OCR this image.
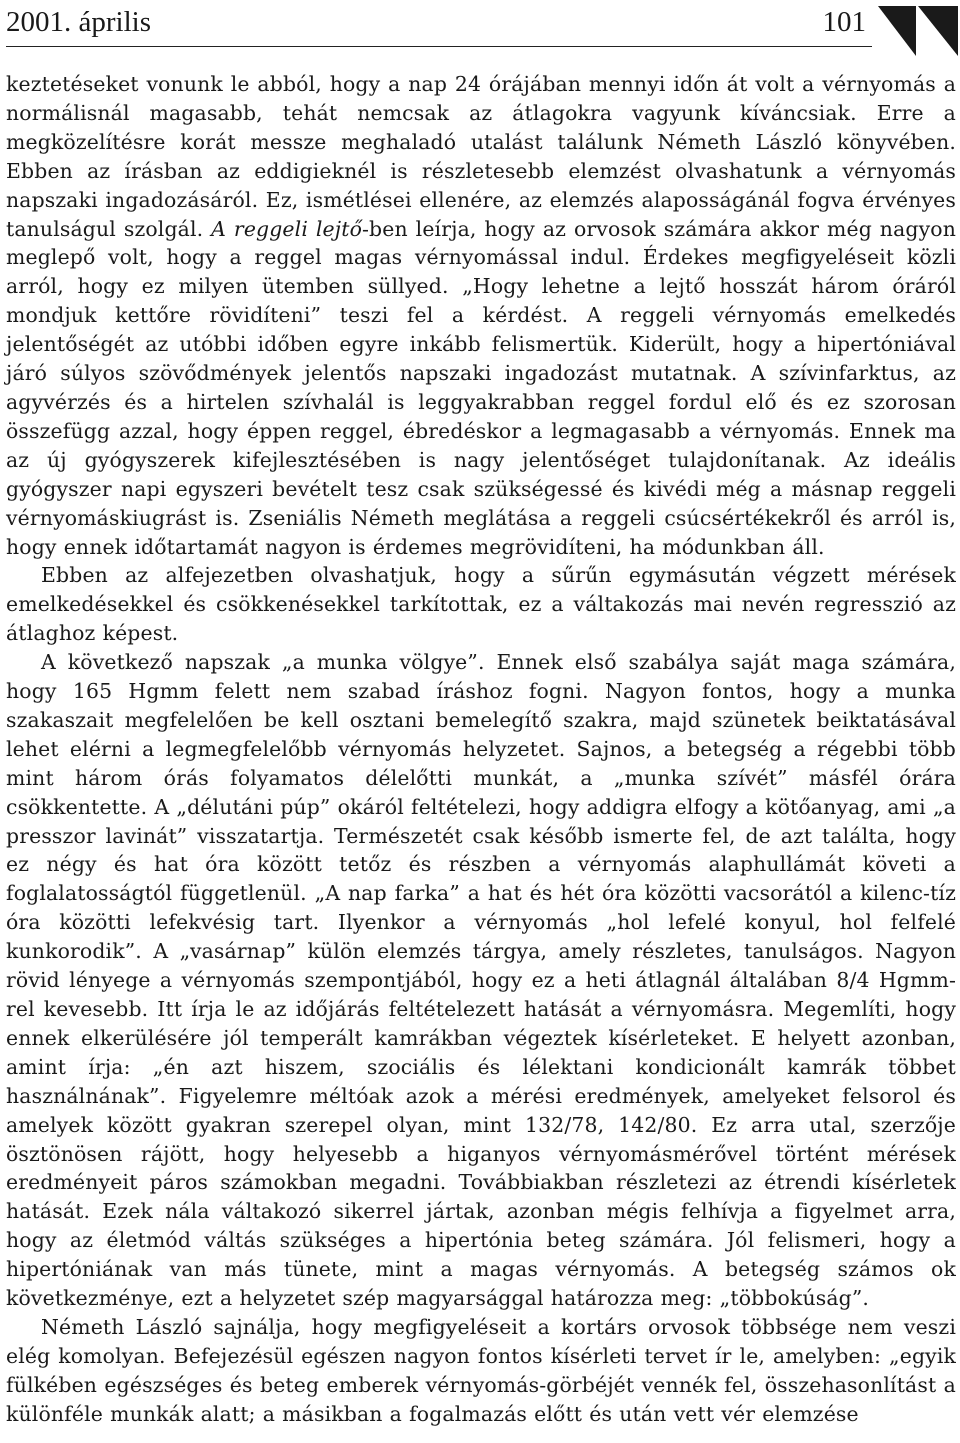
2001. április	101

keztetéseket vonunk le abból, hogy a nap 24 órájában mennyi időn át volt a vérnyomás a normálisnál magasabb, tehát nemcsak az átlagokra vagyunk kíváncsiak. Erre a megközelítésre korát messze meghaladó utalást találunk Németh László könyvében. Ebben az írásban az eddigieknél is részletesebb elemzést olvashatunk a vérnyomás napszaki ingadozásáról. Ez, ismétlései ellenére, az elemzés alaposságánál fogva érvényes tanulságul szolgál. A reggeli lejtő-ben leírja, hogy az orvosok számára akkor még nagyon meglepő volt, hogy a reggel magas vérnyomással indul. Érdekes megfigyeléseit közli arról, hogy ez milyen ütemben süllyed. „Hogy lehetne a lejtő hosszát három óráról mondjuk kettőre rövidíteni” teszi fel a kérdést. A reggeli vérnyomás emelkedés jelentőségét az utóbbi időben egyre inkább felismertük. Kiderült, hogy a hipertóniával járó súlyos szövődmények jelentős napszaki ingadozást mutatnak. A szívinfarktus, az agyvérzés és a hirtelen szívhalál is leggyakrabban reggel fordul elő és ez szorosan összefügg azzal, hogy éppen reggel, ébredéskor a legmagasabb a vérnyomás. Ennek ma az új gyógyszerek kifejlesztésében is nagy jelentőséget tulajdonítanak. Az ideális gyógyszer napi egyszeri bevételt tesz csak szükségessé és kivédi még a másnap reggeli vérnyomáskiugrást is. Zseniális Németh meglátása a reggeli csúcsértékekről és arról is, hogy ennek időtartamát nagyon is érdemes megrövidíteni, ha módunkban áll.

Ebben az alfejezetben olvashatjuk, hogy a sűrűn egymásután végzett mérések emelkedésekkel és csökkenésekkel tarkítottak, ez a váltakozás mai nevén regresszió az átlaghoz képest.

A következő napszak „a munka völgye”. Ennek első szabálya saját maga számára, hogy 165 Hgmm felett nem szabad íráshoz fogni. Nagyon fontos, hogy a munka szakaszait megfelelően be kell osztani bemelegítő szakra, majd szünetek beiktatásával lehet elérni a legmegfelelőbb vérnyomás helyzetet. Sajnos, a betegség a régebbi több mint három órás folyamatos délelőtti munkát, a „munka szívét” másfél órára csökkentette. A „délutáni púp” okáról feltételezi, hogy addigra elfogy a kötőanyag, ami „a presszor lavinát” visszatartja. Természetét csak később ismerte fel, de azt találta, hogy ez négy és hat óra között tetőz és részben a vérnyomás alaphullámát követi a foglalatosságtól függetlenül. „A nap farka” a hat és hét óra közötti vacsorától a kilenc-tíz óra közötti lefekvésig tart. Ilyenkor a vérnyomás „hol lefelé konyul, hol felfelé kunkorodik”. A „vasárnap” külön elemzés tárgya, amely részletes, tanulságos. Nagyon rövid lényege a vérnyomás szempontjából, hogy ez a heti átlagnál általában 8/4 Hgmm-rel kevesebb. Itt írja le az időjárás feltételezett hatását a vérnyomásra. Megemlíti, hogy ennek elkerülésére jól temperált kamrákban végeztek kísérleteket. E helyett azonban, amint írja: „én azt hiszem, szociális és lélektani kondicionált kamrák többet használnának”. Figyelemre méltóak azok a mérési eredmények, amelyeket felsorol és amelyek között gyakran szerepel olyan, mint 132/78, 142/80. Ez arra utal, szerzője ösztönösen rájött, hogy helyesebb a higanyos vérnyomásmérővel történt mérések eredményeit páros számokban megadni. Továbbiakban részletezi az étrendi kísérletek hatását. Ezek nála váltakozó sikerrel jártak, azonban mégis felhívja a figyelmet arra, hogy az életmód váltás szükséges a hipertónia beteg számára. Jól felismeri, hogy a hipertóniának van más tünete, mint a magas vérnyomás. A betegség számos ok következménye, ezt a helyzetet szép magyarsággal határozza meg: „többokúság”.

Németh László sajnálja, hogy megfigyeléseit a kortárs orvosok többsége nem veszi elég komolyan. Befejezésül egészen nagyon fontos kísérleti tervet ír le, amelyben: „egyik fülkében egészséges és beteg emberek vérnyomás-görbéjét vennék fel, összehasonlítást a különféle munkák alatt; a másikban a fogalmazás előtt és után vett vér elemzése
